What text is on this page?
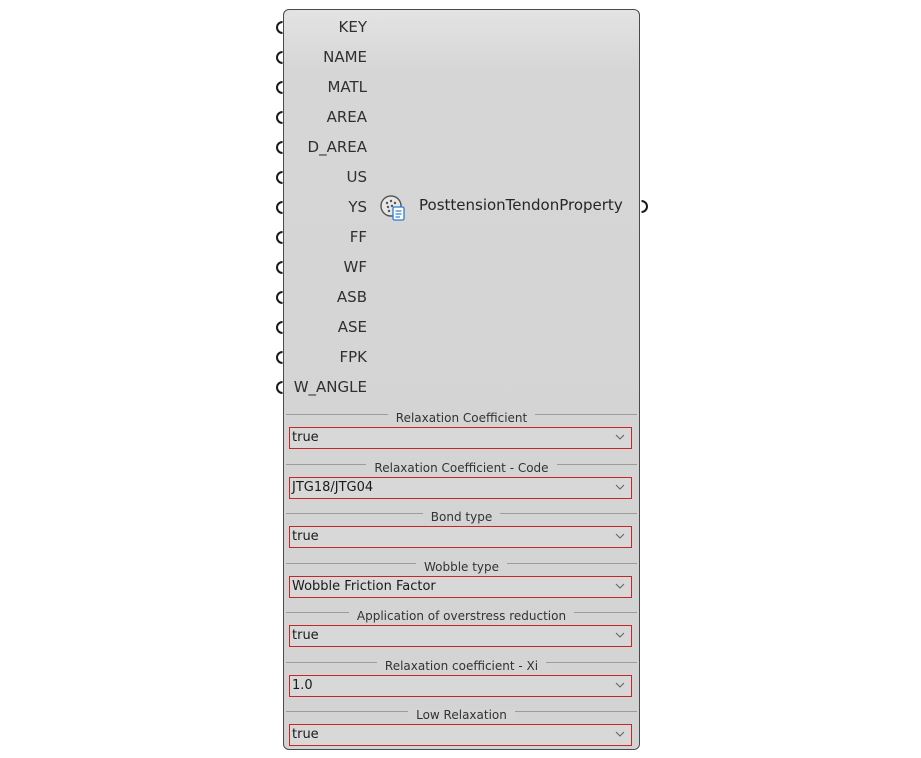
KEY
NAME
MATL
AREA
D_AREA
US
YS
FF
WF
ASB
ASE
FPK
W_ANGLE
PosttensionTendonProperty
Relaxation Coefficient
true
Relaxation Coefficient - Code
JTG18/JTG04
Bond type
true
Wobble type
Wobble Friction Factor
Application of overstress reduction
true
Relaxation coefficient - Xi
1.0
Low Relaxation
true
